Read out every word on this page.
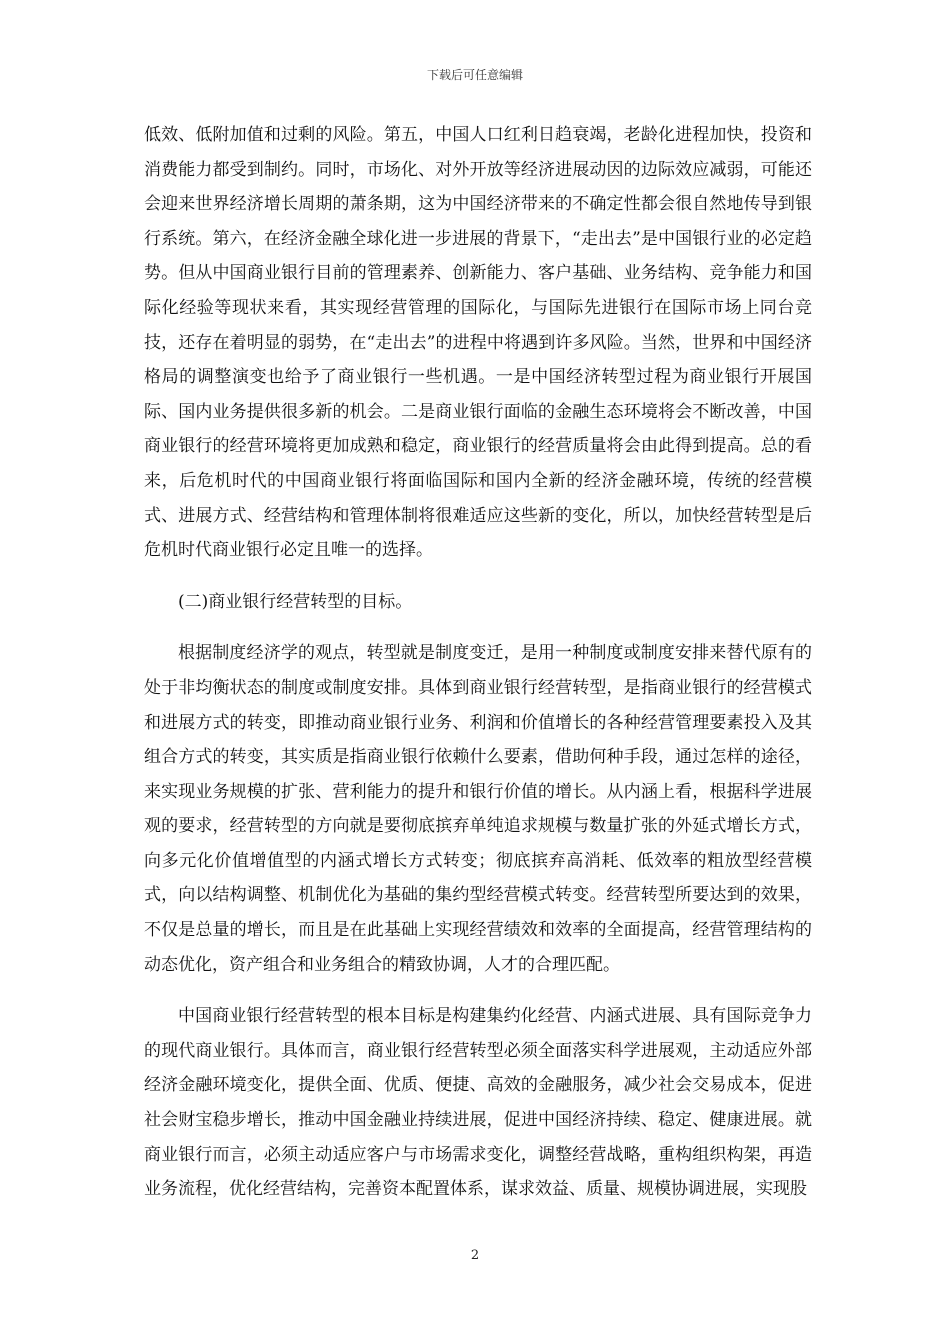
下载后可任意编辑

低效、低附加值和过剩的风险。第五，中国人口红利日趋衰竭，老龄化进程加快，投资和消费能力都受到制约。同时，市场化、对外开放等经济进展动因的边际效应减弱，可能还会迎来世界经济增长周期的萧条期，这为中国经济带来的不确定性都会很自然地传导到银行系统。第六，在经济金融全球化进一步进展的背景下，“走出去”是中国银行业的必定趋势。但从中国商业银行目前的管理素养、创新能力、客户基础、业务结构、竞争能力和国际化经验等现状来看，其实现经营管理的国际化，与国际先进银行在国际市场上同台竞技，还存在着明显的弱势，在“走出去”的进程中将遇到许多风险。当然，世界和中国经济格局的调整演变也给予了商业银行一些机遇。一是中国经济转型过程为商业银行开展国际、国内业务提供很多新的机会。二是商业银行面临的金融生态环境将会不断改善，中国商业银行的经营环境将更加成熟和稳定，商业银行的经营质量将会由此得到提高。总的看来，后危机时代的中国商业银行将面临国际和国内全新的经济金融环境，传统的经营模式、进展方式、经营结构和管理体制将很难适应这些新的变化，所以，加快经营转型是后危机时代商业银行必定且唯一的选择。

(二)商业银行经营转型的目标。

根据制度经济学的观点，转型就是制度变迁，是用一种制度或制度安排来替代原有的处于非均衡状态的制度或制度安排。具体到商业银行经营转型，是指商业银行的经营模式和进展方式的转变，即推动商业银行业务、利润和价值增长的各种经营管理要素投入及其组合方式的转变，其实质是指商业银行依赖什么要素，借助何种手段，通过怎样的途径，来实现业务规模的扩张、营利能力的提升和银行价值的增长。从内涵上看，根据科学进展观的要求，经营转型的方向就是要彻底摈弃单纯追求规模与数量扩张的外延式增长方式，向多元化价值增值型的内涵式增长方式转变；彻底摈弃高消耗、低效率的粗放型经营模式，向以结构调整、机制优化为基础的集约型经营模式转变。经营转型所要达到的效果，不仅是总量的增长，而且是在此基础上实现经营绩效和效率的全面提高，经营管理结构的动态优化，资产组合和业务组合的精致协调，人才的合理匹配。

中国商业银行经营转型的根本目标是构建集约化经营、内涵式进展、具有国际竞争力的现代商业银行。具体而言，商业银行经营转型必须全面落实科学进展观，主动适应外部经济金融环境变化，提供全面、优质、便捷、高效的金融服务，减少社会交易成本，促进社会财宝稳步增长，推动中国金融业持续进展，促进中国经济持续、稳定、健康进展。就商业银行而言，必须主动适应客户与市场需求变化，调整经营战略，重构组织构架，再造业务流程，优化经营结构，完善资本配置体系，谋求效益、质量、规模协调进展，实现股

2
